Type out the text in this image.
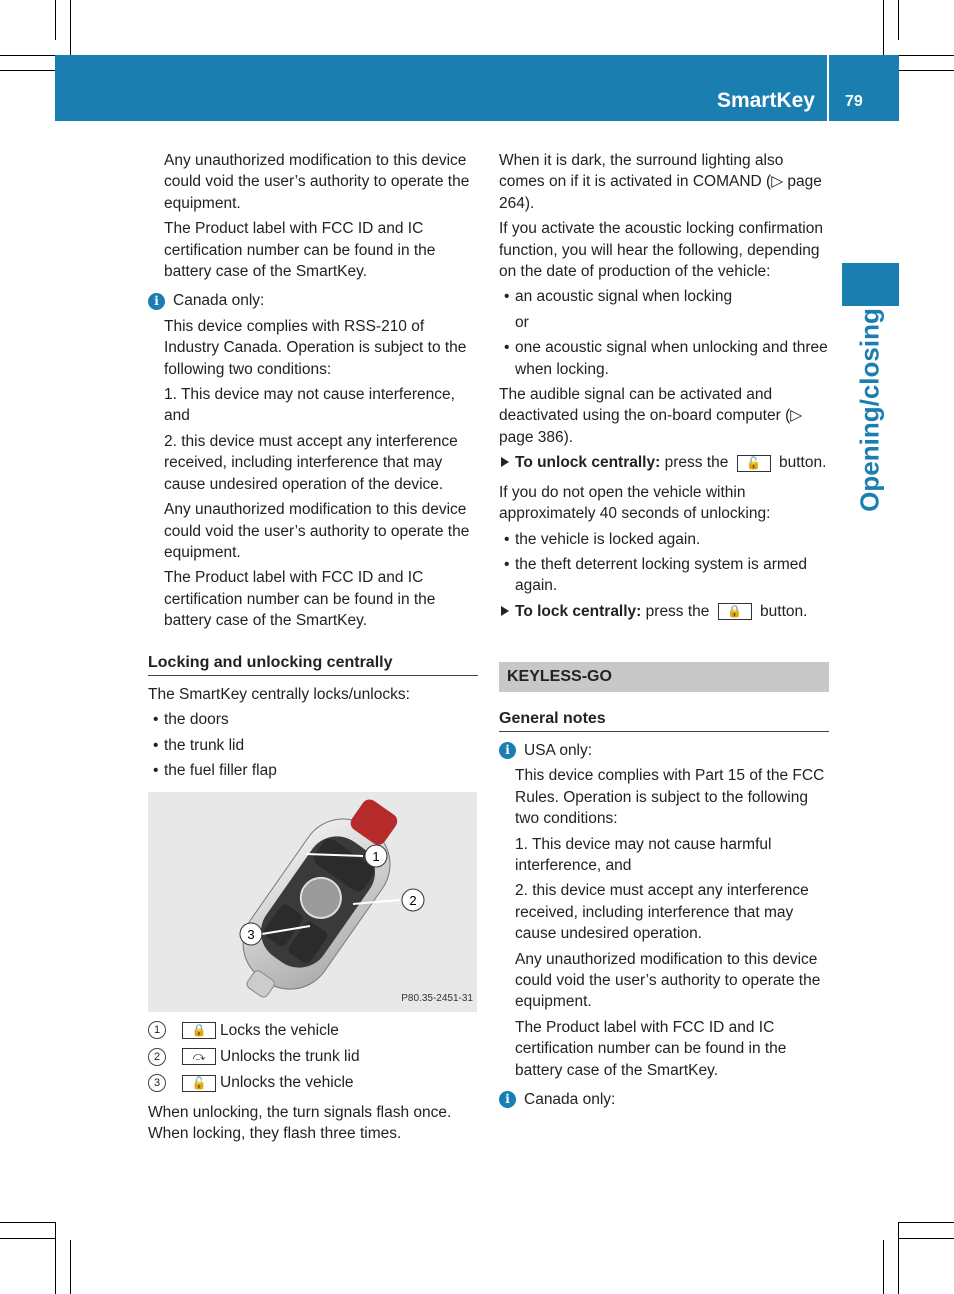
SmartKey 79
Opening/closing

Any unauthorized modification to this device could void the user’s authority to operate the equipment.

The Product label with FCC ID and IC certification number can be found in the battery case of the SmartKey.

i Canada only:

This device complies with RSS-210 of Industry Canada. Operation is subject to the following two conditions:

1. This device may not cause interference, and

2. this device must accept any interference received, including interference that may cause undesired operation of the device.

Any unauthorized modification to this device could void the user’s authority to operate the equipment.

The Product label with FCC ID and IC certification number can be found in the battery case of the SmartKey.

Locking and unlocking centrally

The SmartKey centrally locks/unlocks:

• the doors
• the trunk lid
• the fuel filler flap
1
2
3
P80.35-2451-31
1	🔒 Locks the vehicle
2	⤼ Unlocks the trunk lid
3	🔓 Unlocks the vehicle

When unlocking, the turn signals flash once. When locking, they flash three times.

When it is dark, the surround lighting also comes on if it is activated in COMAND (▷ page 264).

If you activate the acoustic locking confirmation function, you will hear the following, depending on the date of production of the vehicle:

• an acoustic signal when locking

or

• one acoustic signal when unlocking and three when locking.

The audible signal can be activated and deactivated using the on-board computer (▷ page 386).

To unlock centrally: press the 🔓 button.

If you do not open the vehicle within approximately 40 seconds of unlocking:

• the vehicle is locked again.
• the theft deterrent locking system is armed again.
To lock centrally: press the 🔒 button.
KEYLESS-GO
General notes
i USA only:

This device complies with Part 15 of the FCC Rules. Operation is subject to the following two conditions:

1. This device may not cause harmful interference, and

2. this device must accept any interference received, including interference that may cause undesired operation.

Any unauthorized modification to this device could void the user’s authority to operate the equipment.

The Product label with FCC ID and IC certification number can be found in the battery case of the SmartKey.

i Canada only:
